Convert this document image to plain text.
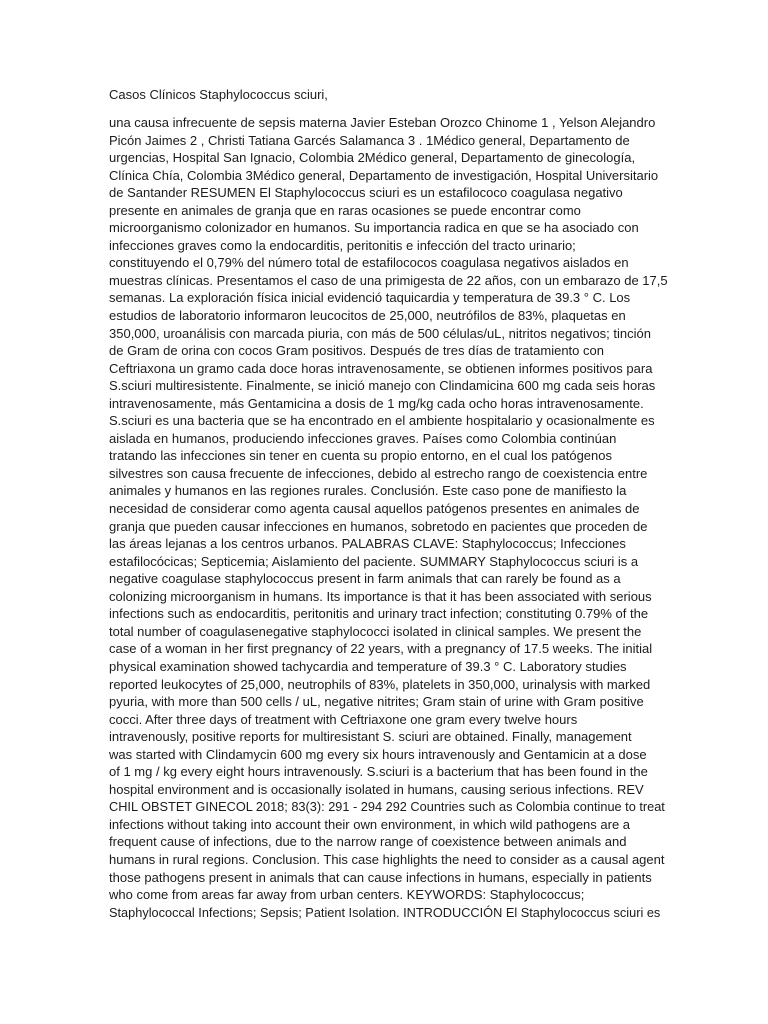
Casos Clínicos Staphylococcus sciuri,
una causa infrecuente de sepsis materna Javier Esteban Orozco Chinome 1 , Yelson Alejandro
Picón Jaimes 2 , Christi Tatiana Garcés Salamanca 3 . 1Médico general, Departamento de
urgencias, Hospital San Ignacio, Colombia 2Médico general, Departamento de ginecología,
Clínica Chía, Colombia 3Médico general, Departamento de investigación, Hospital Universitario
de Santander RESUMEN El Staphylococcus sciuri es un estafilococo coagulasa negativo
presente en animales de granja que en raras ocasiones se puede encontrar como
microorganismo colonizador en humanos. Su importancia radica en que se ha asociado con
infecciones graves como la endocarditis, peritonitis e infección del tracto urinario;
constituyendo el 0,79% del número total de estafilococos coagulasa negativos aislados en
muestras clínicas. Presentamos el caso de una primigesta de 22 años, con un embarazo de 17,5
semanas. La exploración física inicial evidenció taquicardia y temperatura de 39.3 ° C. Los
estudios de laboratorio informaron leucocitos de 25,000, neutrófilos de 83%, plaquetas en
350,000, uroanálisis con marcada piuria, con más de 500 células/uL, nitritos negativos; tinción
de Gram de orina con cocos Gram positivos. Después de tres días de tratamiento con
Ceftriaxona un gramo cada doce horas intravenosamente, se obtienen informes positivos para
S.sciuri multiresistente. Finalmente, se inició manejo con Clindamicina 600 mg cada seis horas
intravenosamente, más Gentamicina a dosis de 1 mg/kg cada ocho horas intravenosamente.
S.sciuri es una bacteria que se ha encontrado en el ambiente hospitalario y ocasionalmente es
aislada en humanos, produciendo infecciones graves. Países como Colombia continúan
tratando las infecciones sin tener en cuenta su propio entorno, en el cual los patógenos
silvestres son causa frecuente de infecciones, debido al estrecho rango de coexistencia entre
animales y humanos en las regiones rurales. Conclusión. Este caso pone de manifiesto la
necesidad de considerar como agenta causal aquellos patógenos presentes en animales de
granja que pueden causar infecciones en humanos, sobretodo en pacientes que proceden de
las áreas lejanas a los centros urbanos. PALABRAS CLAVE: Staphylococcus; Infecciones
estafilocócicas; Septicemia; Aislamiento del paciente. SUMMARY Staphylococcus sciuri is a
negative coagulase staphylococcus present in farm animals that can rarely be found as a
colonizing microorganism in humans. Its importance is that it has been associated with serious
infections such as endocarditis, peritonitis and urinary tract infection; constituting 0.79% of the
total number of coagulasenegative staphylococci isolated in clinical samples. We present the
case of a woman in her first pregnancy of 22 years, with a pregnancy of 17.5 weeks. The initial
physical examination showed tachycardia and temperature of 39.3 ° C. Laboratory studies
reported leukocytes of 25,000, neutrophils of 83%, platelets in 350,000, urinalysis with marked
pyuria, with more than 500 cells / uL, negative nitrites; Gram stain of urine with Gram positive
cocci. After three days of treatment with Ceftriaxone one gram every twelve hours
intravenously, positive reports for multiresistant S. sciuri are obtained. Finally, management
was started with Clindamycin 600 mg every six hours intravenously and Gentamicin at a dose
of 1 mg / kg every eight hours intravenously. S.sciuri is a bacterium that has been found in the
hospital environment and is occasionally isolated in humans, causing serious infections. REV
CHIL OBSTET GINECOL 2018; 83(3): 291 - 294 292 Countries such as Colombia continue to treat
infections without taking into account their own environment, in which wild pathogens are a
frequent cause of infections, due to the narrow range of coexistence between animals and
humans in rural regions. Conclusion. This case highlights the need to consider as a causal agent
those pathogens present in animals that can cause infections in humans, especially in patients
who come from areas far away from urban centers. KEYWORDS: Staphylococcus;
Staphylococcal Infections; Sepsis; Patient Isolation. INTRODUCCIÓN El Staphylococcus sciuri es
